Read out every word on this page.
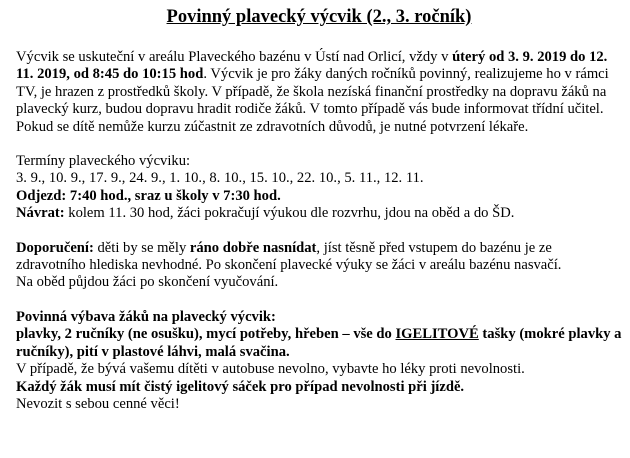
Povinný plavecký výcvik (2., 3. ročník)

Výcvik se uskuteční v areálu Plaveckého bazénu v Ústí nad Orlicí, vždy v úterý od 3. 9. 2019 do 12. 11. 2019, od 8:45 do 10:15 hod. Výcvik je pro žáky daných ročníků povinný, realizujeme ho v rámci TV, je hrazen z prostředků školy. V případě, že škola nezíská finanční prostředky na dopravu žáků na plavecký kurz, budou dopravu hradit rodiče žáků. V tomto případě vás bude informovat třídní učitel.
Pokud se dítě nemůže kurzu zúčastnit ze zdravotních důvodů, je nutné potvrzení lékaře.

Termíny plaveckého výcviku:
3. 9., 10. 9., 17. 9., 24. 9., 1. 10., 8. 10., 15. 10., 22. 10., 5. 11., 12. 11.
Odjezd: 7:40 hod., sraz u školy v 7:30 hod.
Návrat: kolem 11. 30 hod, žáci pokračují výukou dle rozvrhu, jdou na oběd a do ŠD.

Doporučení: děti by se měly ráno dobře nasnídat, jíst těsně před vstupem do bazénu je ze zdravotního hlediska nevhodné. Po skončení plavecké výuky se žáci v areálu bazénu nasvačí.
Na oběd půjdou žáci po skončení vyučování.

Povinná výbava žáků na plavecký výcvik:
plavky, 2 ručníky (ne osušku), mycí potřeby, hřeben – vše do IGELITOVÉ tašky (mokré plavky a ručníky), pití v plastové láhvi, malá svačina.
V případě, že bývá vašemu dítěti v autobuse nevolno, vybavte ho léky proti nevolnosti.
Každý žák musí mít čistý igelitový sáček pro případ nevolnosti při jízdě.
Nevozit s sebou cenné věci!
